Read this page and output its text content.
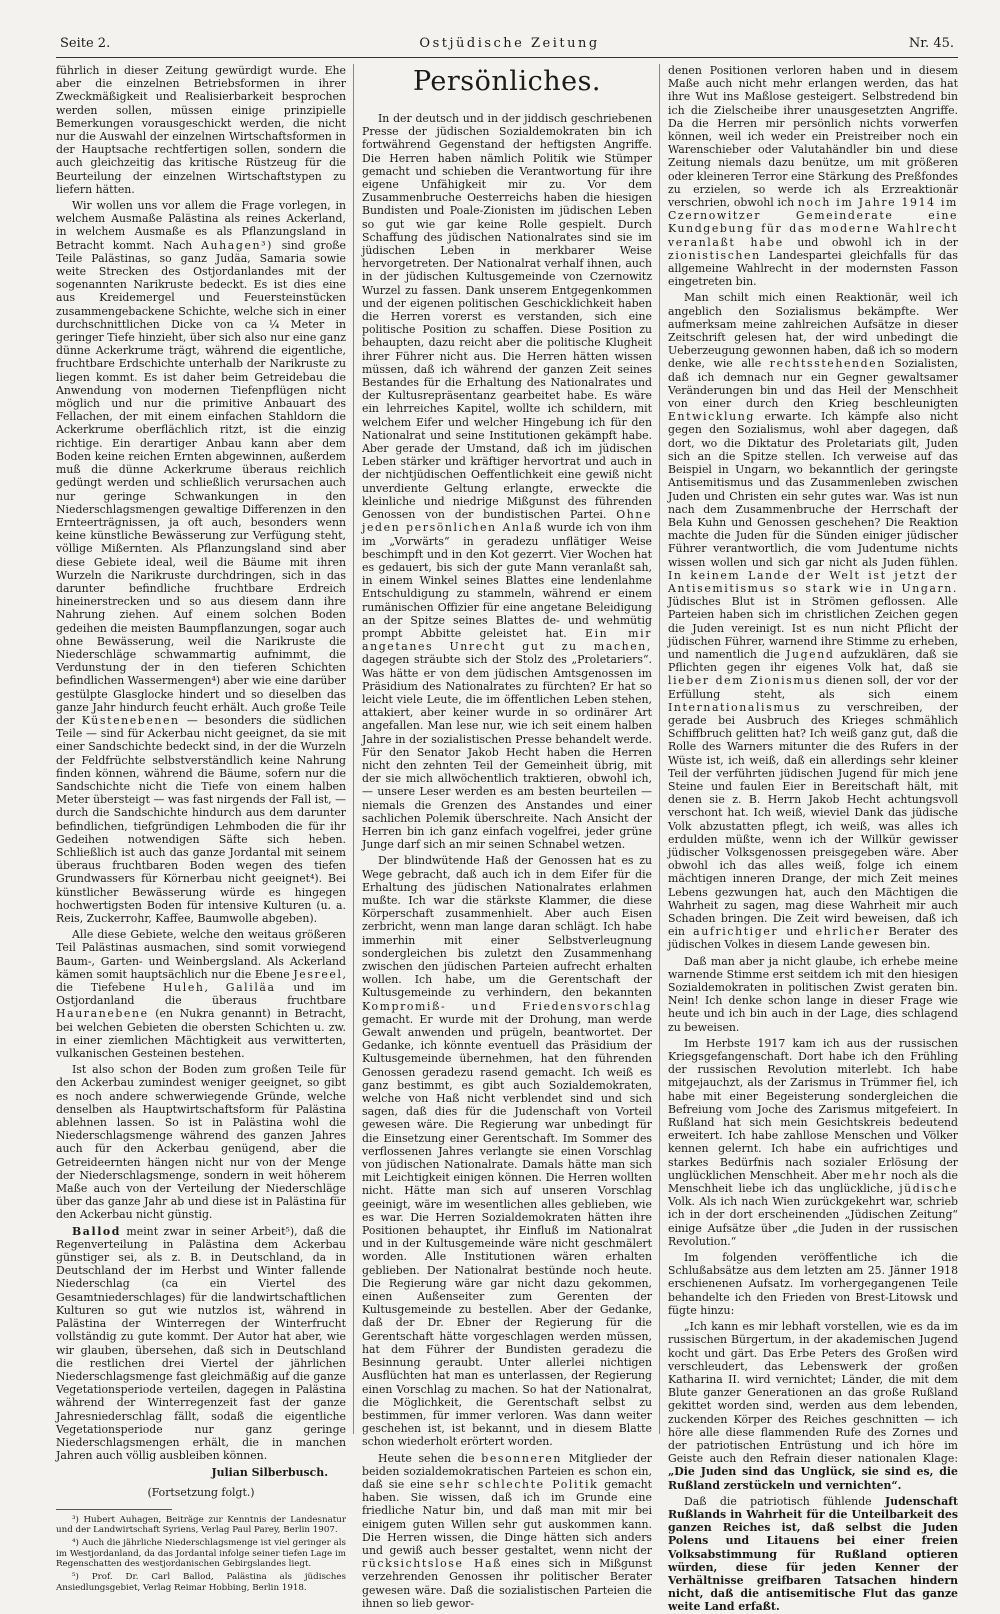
Seite 2.	Ostjüdische Zeitung	Nr. 45.

führlich in dieser Zeitung gewürdigt wurde. Ehe aber die einzelnen Betriebsformen in ihrer Zweckmäßigkeit und Realisierbarkeit besprochen werden sollen, müssen einige prinzipielle Bemerkungen vorausgeschickt werden, die nicht nur die Auswahl der einzelnen Wirtschaftsformen in der Hauptsache rechtfertigen sollen, sondern die auch gleichzeitig das kritische Rüstzeug für die Beurteilung der einzelnen Wirtschaftstypen zu liefern hätten.

Wir wollen uns vor allem die Frage vorlegen, in welchem Ausmaße Palästina als reines Ackerland, in welchem Ausmaße es als Pflanzungsland in Betracht kommt. Nach Auhagen³) sind große Teile Palästinas, so ganz Judäa, Samaria sowie weite Strecken des Ostjordanlandes mit der sogenannten Narikruste bedeckt. Es ist dies eine aus Kreidemergel und Feuersteinstücken zusammengebackene Schichte, welche sich in einer durchschnittlichen Dicke von ca ¼ Meter in geringer Tiefe hinzieht, über sich also nur eine ganz dünne Ackerkrume trägt, während die eigentliche, fruchtbare Erdschichte unterhalb der Narikruste zu liegen kommt. Es ist daher beim Getreidebau die Anwendung von modernen Tiefenpflügen nicht möglich und nur die primitive Anbauart des Fellachen, der mit einem einfachen Stahldorn die Ackerkrume oberflächlich ritzt, ist die einzig richtige. Ein derartiger Anbau kann aber dem Boden keine reichen Ernten abgewinnen, außerdem muß die dünne Ackerkrume überaus reichlich gedüngt werden und schließlich verursachen auch nur geringe Schwankungen in den Niederschlagsmengen gewaltige Differenzen in den Ernteerträgnissen, ja oft auch, besonders wenn keine künstliche Bewässerung zur Verfügung steht, völlige Mißernten. Als Pflanzungsland sind aber diese Gebiete ideal, weil die Bäume mit ihren Wurzeln die Narikruste durchdringen, sich in das darunter befindliche fruchtbare Erdreich hineinerstrecken und so aus diesem dann ihre Nahrung ziehen. Auf einem solchen Boden gedeihen die meisten Baumpflanzungen, sogar auch ohne Bewässerung, weil die Narikruste die Niederschläge schwammartig aufnimmt, die Verdunstung der in den tieferen Schichten befindlichen Wassermengen⁴) aber wie eine darüber gestülpte Glasglocke hindert und so dieselben das ganze Jahr hindurch feucht erhält. Auch große Teile der Küstenebenen — besonders die südlichen Teile — sind für Ackerbau nicht geeignet, da sie mit einer Sandschichte bedeckt sind, in der die Wurzeln der Feldfrüchte selbstverständlich keine Nahrung finden können, während die Bäume, sofern nur die Sandschichte nicht die Tiefe von einem halben Meter übersteigt — was fast nirgends der Fall ist, — durch die Sandschichte hindurch aus dem darunter befindlichen, tiefgründigen Lehmboden die für ihr Gedeihen notwendigen Säfte sich heben. Schließlich ist auch das ganze Jordantal mit seinem überaus fruchtbaren Boden wegen des tiefen Grundwassers für Körnerbau nicht geeignet⁴). Bei künstlicher Bewässerung würde es hingegen hochwertigsten Boden für intensive Kulturen (u. a. Reis, Zuckerrohr, Kaffee, Baumwolle abgeben).

Alle diese Gebiete, welche den weitaus größeren Teil Palästinas ausmachen, sind somit vorwiegend Baum-, Garten- und Weinbergsland. Als Ackerland kämen somit hauptsächlich nur die Ebene Jesreel, die Tiefebene Huleh, Galiläa und im Ostjordanland die überaus fruchtbare Hauranebene (en Nukra genannt) in Betracht, bei welchen Gebieten die obersten Schichten u. zw. in einer ziemlichen Mächtigkeit aus verwitterten, vulkanischen Gesteinen bestehen.

Ist also schon der Boden zum großen Teile für den Ackerbau zumindest weniger geeignet, so gibt es noch andere schwerwiegende Gründe, welche denselben als Hauptwirtschaftsform für Palästina ablehnen lassen. So ist in Palästina wohl die Niederschlagsmenge während des ganzen Jahres auch für den Ackerbau genügend, aber die Getreideernten hängen nicht nur von der Menge der Niederschlagsmenge, sondern in weit höherem Maße auch von der Verteilung der Niederschläge über das ganze Jahr ab und diese ist in Palästina für den Ackerbau nicht günstig.

Ballod meint zwar in seiner Arbeit⁵), daß die Regenverteilung in Palästina dem Ackerbau günstiger sei, als z. B. in Deutschland, da in Deutschland der im Herbst und Winter fallende Niederschlag (ca ein Viertel des Gesamtniederschlages) für die landwirtschaftlichen Kulturen so gut wie nutzlos ist, während in Palästina der Winterregen der Winterfrucht vollständig zu gute kommt. Der Autor hat aber, wie wir glauben, übersehen, daß sich in Deutschland die restlichen drei Viertel der jährlichen Niederschlagsmenge fast gleichmäßig auf die ganze Vegetationsperiode verteilen, dagegen in Palästina während der Winterregenzeit fast der ganze Jahresniederschlag fällt, sodaß die eigentliche Vegetationsperiode nur ganz geringe Niederschlagsmengen erhält, die in manchen Jahren auch völlig ausbleiben können.

Julian Silberbusch.
(Fortsetzung folgt.)

³) Hubert Auhagen, Beiträge zur Kenntnis der Landesnatur und der Landwirtschaft Syriens, Verlag Paul Parey, Berlin 1907.

⁴) Auch die jährliche Niederschlagsmenge ist viel geringer als im Westjordanland, da das Jordantal infolge seiner tiefen Lage im Regenschatten des westjordanischen Gebirgslandes liegt.

⁵) Prof. Dr. Carl Ballod, Palästina als jüdisches Ansiedlungsgebiet, Verlag Reimar Hobbing, Berlin 1918.

Persönliches.

In der deutsch und in der jiddisch geschriebenen Presse der jüdischen Sozialdemokraten bin ich fortwährend Gegenstand der heftigsten Angriffe. Die Herren haben nämlich Politik wie Stümper gemacht und schieben die Verantwortung für ihre eigene Unfähigkeit mir zu. Vor dem Zusammenbruche Oesterreichs haben die hiesigen Bundisten und Poale-Zionisten im jüdischen Leben so gut wie gar keine Rolle gespielt. Durch Schaffung des jüdischen Nationalrates sind sie im jüdischen Leben in merkbarer Weise hervorgetreten. Der Nationalrat verhalf ihnen, auch in der jüdischen Kultusgemeinde von Czernowitz Wurzel zu fassen. Dank unserem Entgegenkommen und der eigenen politischen Geschicklichkeit haben die Herren vorerst es verstanden, sich eine politische Position zu schaffen. Diese Position zu behaupten, dazu reicht aber die politische Klugheit ihrer Führer nicht aus. Die Herren hätten wissen müssen, daß ich während der ganzen Zeit seines Bestandes für die Erhaltung des Nationalrates und der Kultusrepräsentanz gearbeitet habe. Es wäre ein lehrreiches Kapitel, wollte ich schildern, mit welchem Eifer und welcher Hingebung ich für den Nationalrat und seine Institutionen gekämpft habe. Aber gerade der Umstand, daß ich im jüdischen Leben stärker und kräftiger hervortrat und auch in der nichtjüdischen Oeffentlichkeit eine gewiß nicht unverdiente Geltung erlangte, erweckte die kleinliche und niedrige Mißgunst des führenden Genossen von der bundistischen Partei. Ohne jeden persönlichen Anlaß wurde ich von ihm im „Vorwärts“ in geradezu unflätiger Weise beschimpft und in den Kot gezerrt. Vier Wochen hat es gedauert, bis sich der gute Mann veranlaßt sah, in einem Winkel seines Blattes eine lendenlahme Entschuldigung zu stammeln, während er einem rumänischen Offizier für eine angetane Beleidigung an der Spitze seines Blattes de- und wehmütig prompt Abbitte geleistet hat. Ein mir angetanes Unrecht gut zu machen, dagegen sträubte sich der Stolz des „Proletariers“. Was hätte er von dem jüdischen Amtsgenossen im Präsidium des Nationalrates zu fürchten? Er hat so leicht viele Leute, die im öffentlichen Leben stehen, attakiert, aber keiner wurde in so ordinärer Art angefallen. Man lese nur, wie ich seit einem halben Jahre in der sozialistischen Presse behandelt werde. Für den Senator Jakob Hecht haben die Herren nicht den zehnten Teil der Gemeinheit übrig, mit der sie mich allwöchentlich traktieren, obwohl ich, — unsere Leser werden es am besten beurteilen — niemals die Grenzen des Anstandes und einer sachlichen Polemik überschreite. Nach Ansicht der Herren bin ich ganz einfach vogelfrei, jeder grüne Junge darf sich an mir seinen Schnabel wetzen.

Der blindwütende Haß der Genossen hat es zu Wege gebracht, daß auch ich in dem Eifer für die Erhaltung des jüdischen Nationalrates erlahmen mußte. Ich war die stärkste Klammer, die diese Körperschaft zusammenhielt. Aber auch Eisen zerbricht, wenn man lange daran schlägt. Ich habe immerhin mit einer Selbstverleugnung sondergleichen bis zuletzt den Zusammenhang zwischen den jüdischen Parteien aufrecht erhalten wollen. Ich habe, um die Gerentschaft der Kultusgemeinde zu verhindern, den bekannten Kompromiß- und Friedensvorschlag gemacht. Er wurde mit der Drohung, man werde Gewalt anwenden und prügeln, beantwortet. Der Gedanke, ich könnte eventuell das Präsidium der Kultusgemeinde übernehmen, hat den führenden Genossen geradezu rasend gemacht. Ich weiß es ganz bestimmt, es gibt auch Sozialdemokraten, welche von Haß nicht verblendet sind und sich sagen, daß dies für die Judenschaft von Vorteil gewesen wäre. Die Regierung war unbedingt für die Einsetzung einer Gerentschaft. Im Sommer des verflossenen Jahres verlangte sie einen Vorschlag von jüdischen Nationalrate. Damals hätte man sich mit Leichtigkeit einigen können. Die Herren wollten nicht. Hätte man sich auf unseren Vorschlag geeinigt, wäre im wesentlichen alles geblieben, wie es war. Die Herren Sozialdemokraten hätten ihre Positionen behauptet, ihr Einfluß im Nationalrat und in der Kultusgemeinde wäre nicht geschmälert worden. Alle Institutionen wären erhalten geblieben. Der Nationalrat bestünde noch heute. Die Regierung wäre gar nicht dazu gekommen, einen Außenseiter zum Gerenten der Kultusgemeinde zu bestellen. Aber der Gedanke, daß der Dr. Ebner der Regierung für die Gerentschaft hätte vorgeschlagen werden müssen, hat dem Führer der Bundisten geradezu die Besinnung geraubt. Unter allerlei nichtigen Ausflüchten hat man es unterlassen, der Regierung einen Vorschlag zu machen. So hat der Nationalrat, die Möglichkeit, die Gerentschaft selbst zu bestimmen, für immer verloren. Was dann weiter geschehen ist, ist bekannt, und in diesem Blatte schon wiederholt erörtert worden.

Heute sehen die besonneren Mitglieder der beiden sozialdemokratischen Parteien es schon ein, daß sie eine sehr schlechte Politik gemacht haben. Sie wissen, daß ich im Grunde eine friedliche Natur bin, und daß man mit mir bei einigem guten Willen sehr gut auskommen kann. Die Herren wissen, die Dinge hätten sich anders und gewiß auch besser gestaltet, wenn nicht der rücksichtslose Haß eines sich in Mißgunst verzehrenden Genossen ihr politischer Berater gewesen wäre. Daß die sozialistischen Parteien die ihnen so lieb gewor-

denen Positionen verloren haben und in diesem Maße auch nicht mehr erlangen werden, das hat ihre Wut ins Maßlose gesteigert. Selbstredend bin ich die Zielscheibe ihrer unausgesetzten Angriffe. Da die Herren mir persönlich nichts vorwerfen können, weil ich weder ein Preistreiber noch ein Warenschieber oder Valutahändler bin und diese Zeitung niemals dazu benütze, um mit größeren oder kleineren Terror eine Stärkung des Preßfondes zu erzielen, so werde ich als Erzreaktionär verschrien, obwohl ich noch im Jahre 1914 im Czernowitzer Gemeinderate eine Kundgebung für das moderne Wahlrecht veranlaßt habe und obwohl ich in der zionistischen Landespartei gleichfalls für das allgemeine Wahlrecht in der modernsten Fasson eingetreten bin.

Man schilt mich einen Reaktionär, weil ich angeblich den Sozialismus bekämpfte. Wer aufmerksam meine zahlreichen Aufsätze in dieser Zeitschrift gelesen hat, der wird unbedingt die Ueberzeugung gewonnen haben, daß ich so modern denke, wie alle rechtsstehenden Sozialisten, daß ich demnach nur ein Gegner gewaltsamer Veränderungen bin und das Heil der Menschheit von einer durch den Krieg beschleunigten Entwicklung erwarte. Ich kämpfe also nicht gegen den Sozialismus, wohl aber dagegen, daß dort, wo die Diktatur des Proletariats gilt, Juden sich an die Spitze stellen. Ich verweise auf das Beispiel in Ungarn, wo bekanntlich der geringste Antisemitismus und das Zusammenleben zwischen Juden und Christen ein sehr gutes war. Was ist nun nach dem Zusammenbruche der Herrschaft der Bela Kuhn und Genossen geschehen? Die Reaktion machte die Juden für die Sünden einiger jüdischer Führer verantwortlich, die vom Judentume nichts wissen wollen und sich gar nicht als Juden fühlen. In keinem Lande der Welt ist jetzt der Antisemitismus so stark wie in Ungarn. Jüdisches Blut ist in Strömen geflossen. Alle Parteien haben sich im christlichen Zeichen gegen die Juden vereinigt. Ist es nun nicht Pflicht der jüdischen Führer, warnend ihre Stimme zu erheben, und namentlich die Jugend aufzuklären, daß sie Pflichten gegen ihr eigenes Volk hat, daß sie lieber dem Zionismus dienen soll, der vor der Erfüllung steht, als sich einem Internationalismus zu verschreiben, der gerade bei Ausbruch des Krieges schmählich Schiffbruch gelitten hat? Ich weiß ganz gut, daß die Rolle des Warners mitunter die des Rufers in der Wüste ist, ich weiß, daß ein allerdings sehr kleiner Teil der verführten jüdischen Jugend für mich jene Steine und faulen Eier in Bereitschaft hält, mit denen sie z. B. Herrn Jakob Hecht achtungsvoll verschont hat. Ich weiß, wieviel Dank das jüdische Volk abzustatten pflegt, ich weiß, was alles ich erdulden müßte, wenn ich der Willkür gewisser jüdischer Volksgenossen preisgegeben wäre. Aber obwohl ich das alles weiß, folge ich einem mächtigen inneren Drange, der mich Zeit meines Lebens gezwungen hat, auch den Mächtigen die Wahrheit zu sagen, mag diese Wahrheit mir auch Schaden bringen. Die Zeit wird beweisen, daß ich ein aufrichtiger und ehrlicher Berater des jüdischen Volkes in diesem Lande gewesen bin.

Daß man aber ja nicht glaube, ich erhebe meine warnende Stimme erst seitdem ich mit den hiesigen Sozialdemokraten in politischen Zwist geraten bin. Nein! Ich denke schon lange in dieser Frage wie heute und ich bin auch in der Lage, dies schlagend zu beweisen.

Im Herbste 1917 kam ich aus der russischen Kriegsgefangenschaft. Dort habe ich den Frühling der russischen Revolution miterlebt. Ich habe mitgejauchzt, als der Zarismus in Trümmer fiel, ich habe mit einer Begeisterung sondergleichen die Befreiung vom Joche des Zarismus mitgefeiert. In Rußland hat sich mein Gesichtskreis bedeutend erweitert. Ich habe zahllose Menschen und Völker kennen gelernt. Ich habe ein aufrichtiges und starkes Bedürfnis nach sozialer Erlösung der unglücklichen Menschheit. Aber mehr noch als die Menschheit liebe ich das unglückliche, jüdische Volk. Als ich nach Wien zurückgekehrt war, schrieb ich in der dort erscheinenden „Jüdischen Zeitung“ einige Aufsätze über „die Juden in der russischen Revolution.“

Im folgenden veröffentliche ich die Schlußabsätze aus dem letzten am 25. Jänner 1918 erschienenen Aufsatz. Im vorhergegangenen Teile behandelte ich den Frieden von Brest-Litowsk und fügte hinzu:

„Ich kann es mir lebhaft vorstellen, wie es da im russischen Bürgertum, in der akademischen Jugend kocht und gärt. Das Erbe Peters des Großen wird verschleudert, das Lebenswerk der großen Katharina II. wird vernichtet; Länder, die mit dem Blute ganzer Generationen an das große Rußland gekittet worden sind, werden aus dem lebenden, zuckenden Körper des Reiches geschnitten — ich höre alle diese flammenden Rufe des Zornes und der patriotischen Entrüstung und ich höre im Geiste auch den Refrain dieser nationalen Klage: „Die Juden sind das Unglück, sie sind es, die Rußland zerstückeln und vernichten“.

Daß die patriotisch fühlende Judenschaft Rußlands in Wahrheit für die Unteilbarkeit des ganzen Reiches ist, daß selbst die Juden Polens und Litauens bei einer freien Volksabstimmung für Rußland optieren würden, diese für jeden Kenner der Verhältnisse greifbaren Tatsachen hindern nicht, daß die antisemitische Flut das ganze weite Land erfaßt.
